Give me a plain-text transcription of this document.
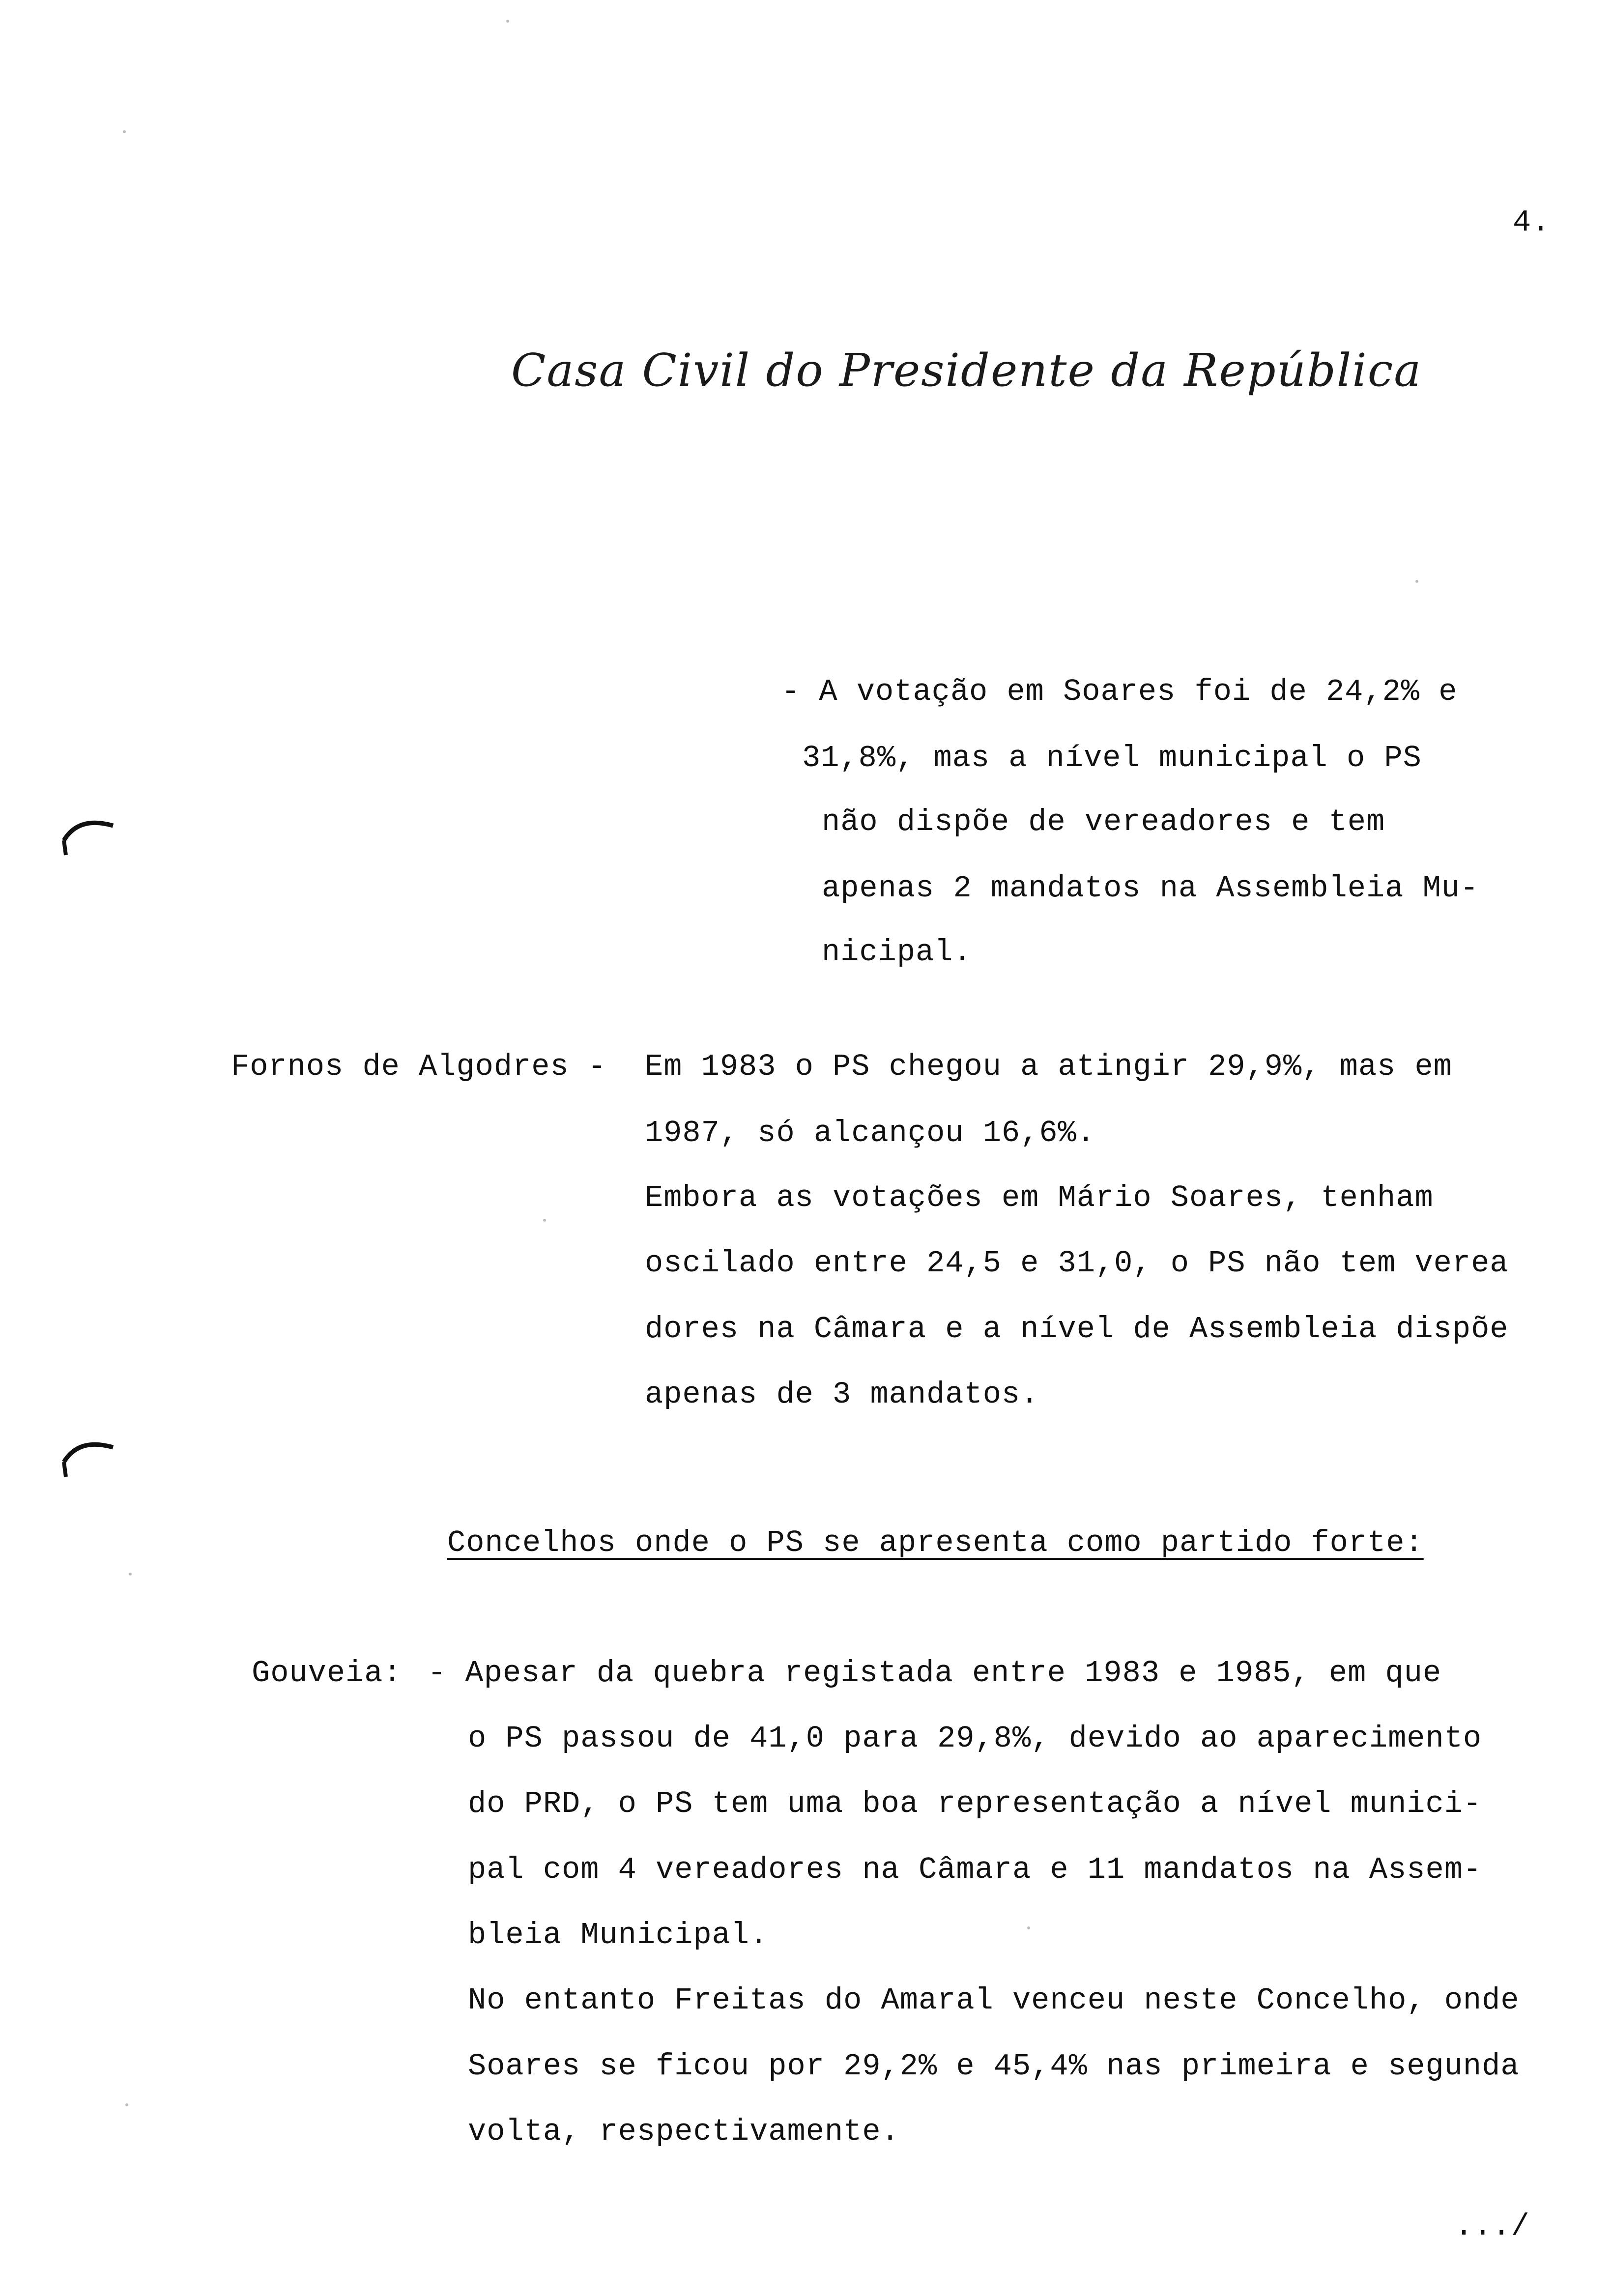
4.
Casa Civil do Presidente da República
- A votação em Soares foi de 24,2% e
31,8%, mas a nível municipal o PS
não dispõe de vereadores e tem
apenas 2 mandatos na Assembleia Mu-
nicipal.
Fornos de Algodres - Em 1983 o PS chegou a atingir 29,9%, mas em
1987, só alcançou 16,6%.
Embora as votações em Mário Soares, tenham
oscilado entre 24,5 e 31,0, o PS não tem verea
dores na Câmara e a nível de Assembleia dispõe
apenas de 3 mandatos.
Concelhos onde o PS se apresenta como partido forte:
Gouveia: - Apesar da quebra registada entre 1983 e 1985, em que
o PS passou de 41,0 para 29,8%, devido ao aparecimento
do PRD, o PS tem uma boa representação a nível munici-
pal com 4 vereadores na Câmara e 11 mandatos na Assem-
bleia Municipal.
No entanto Freitas do Amaral venceu neste Concelho, onde
Soares se ficou por 29,2% e 45,4% nas primeira e segunda
volta, respectivamente.
.../
